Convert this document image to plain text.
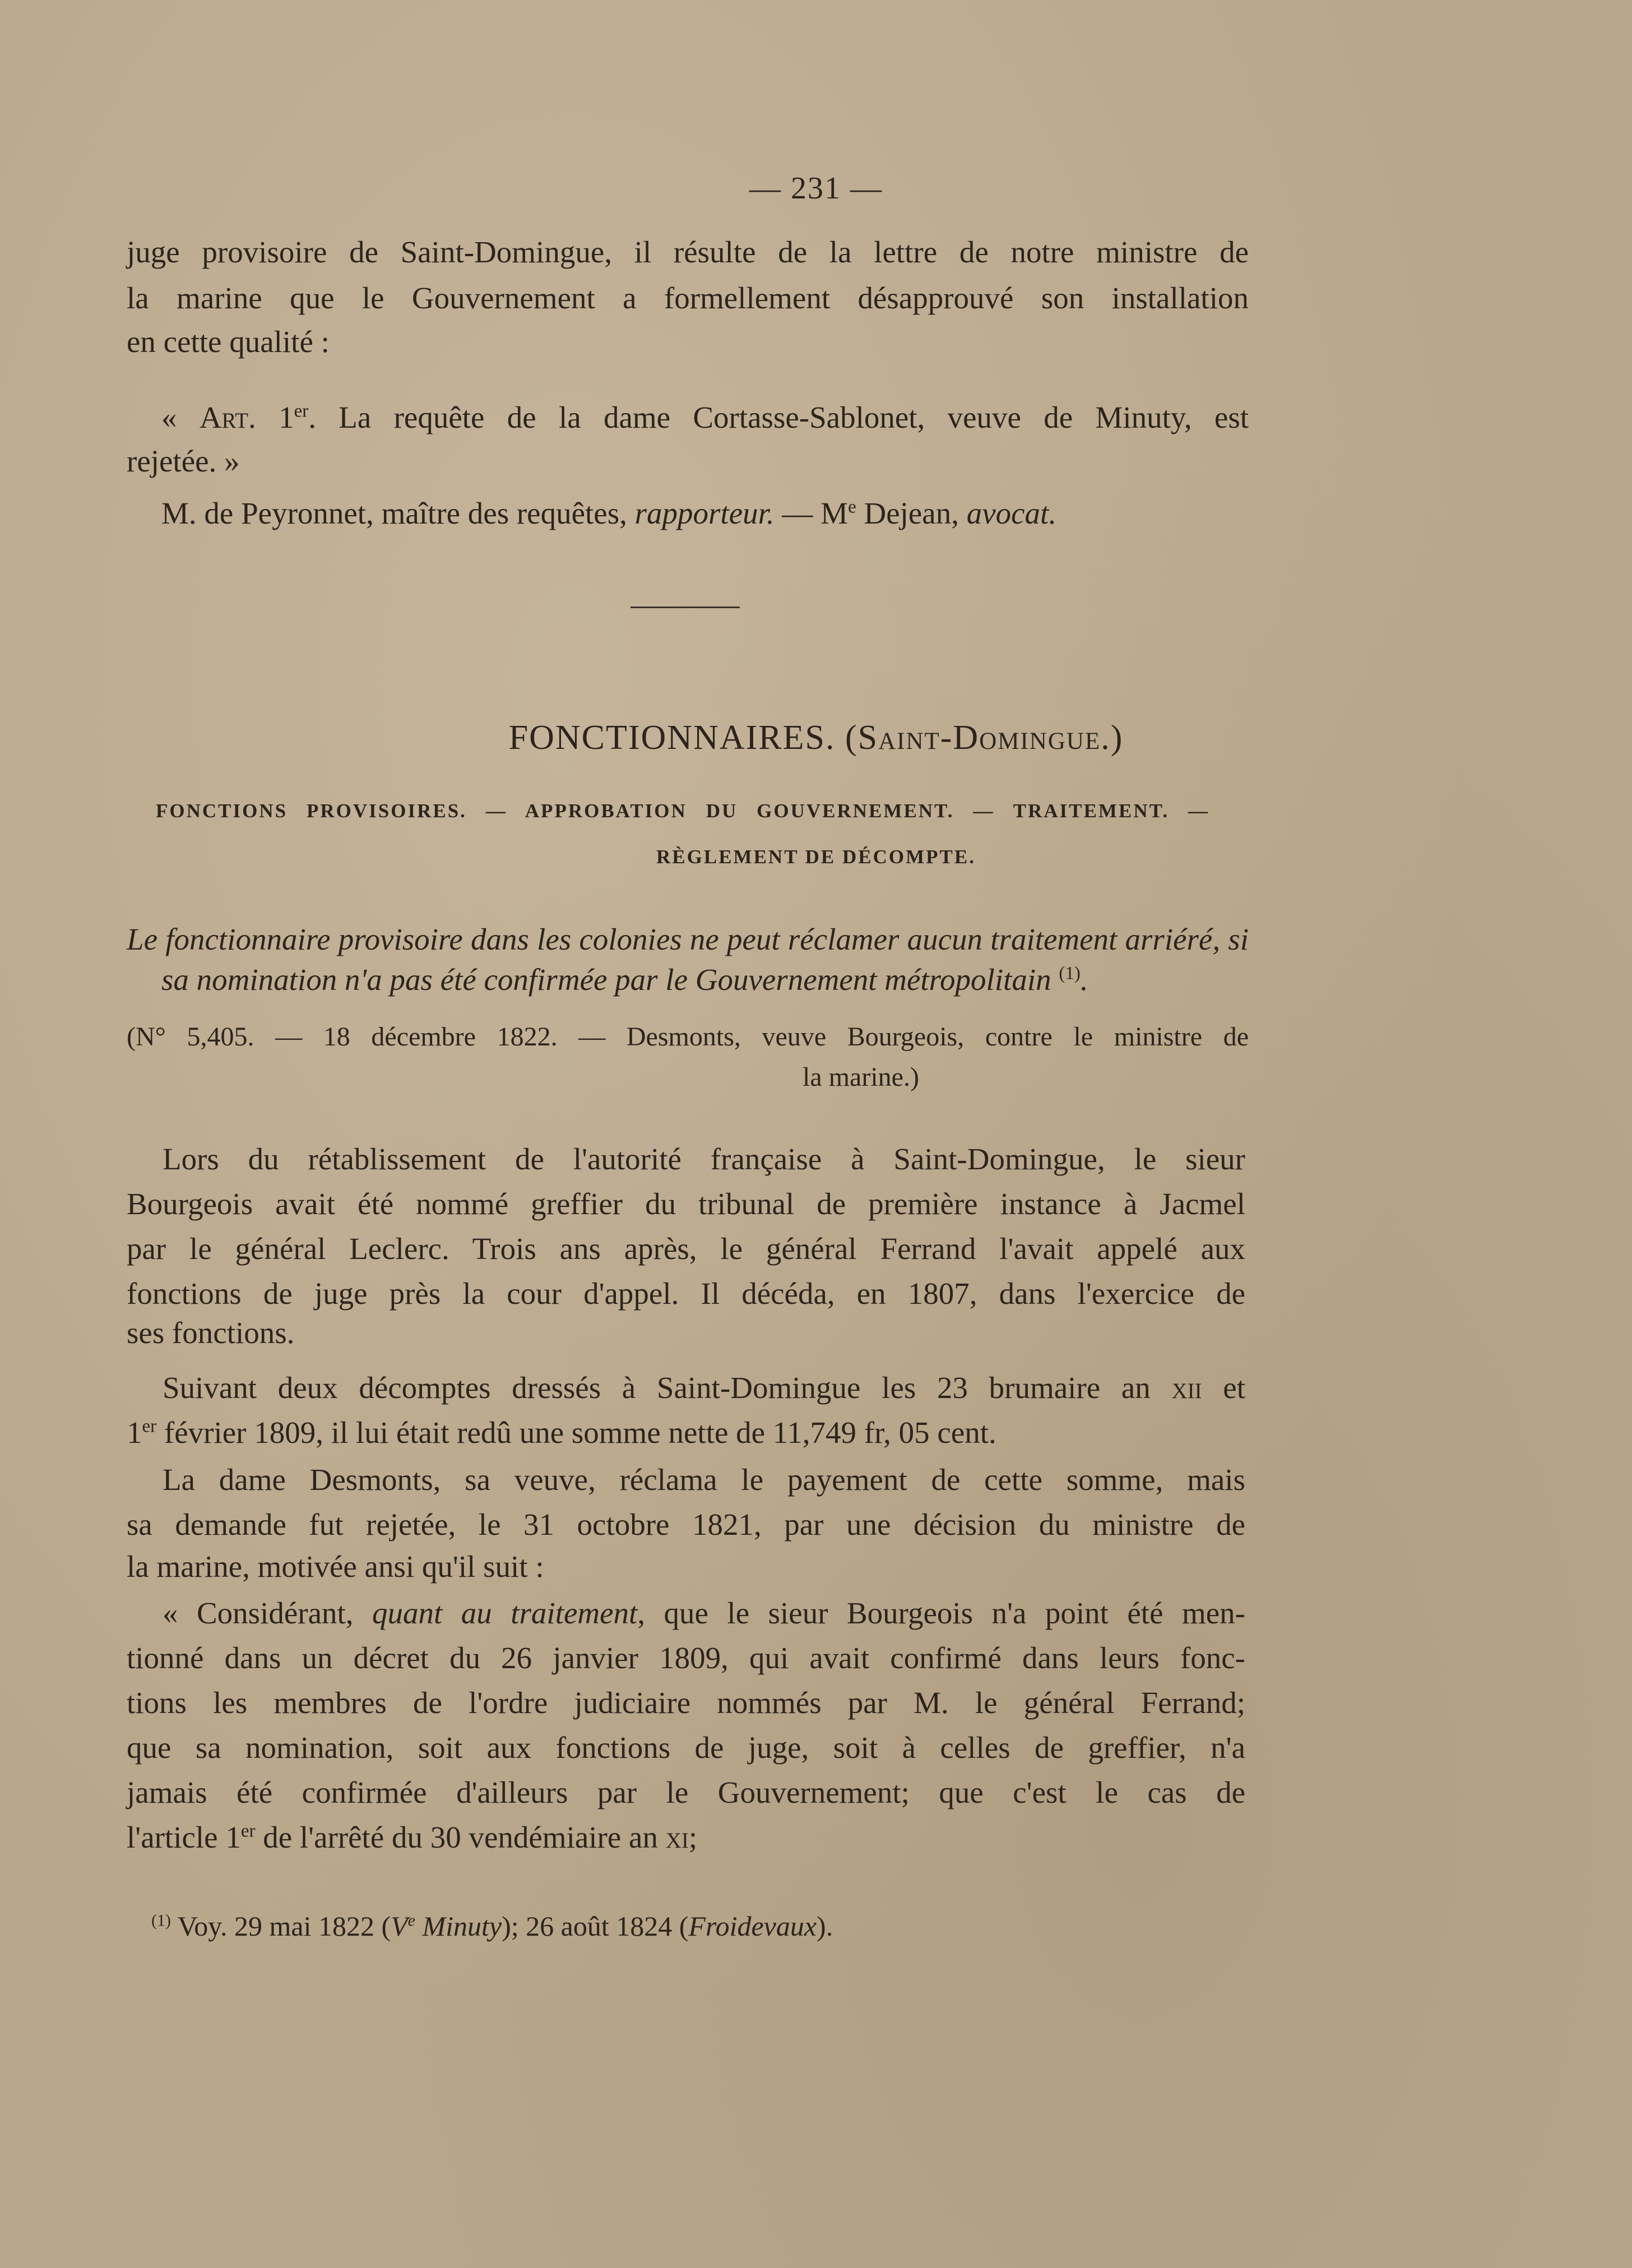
— 231 —
juge provisoire de Saint-Domingue, il résulte de la lettre de notre ministre de
la marine que le Gouvernement a formellement désapprouvé son installation
en cette qualité :
« Art. 1er. La requête de la dame Cortasse-Sablonet, veuve de Minuty, est
rejetée. »
M. de Peyronnet, maître des requêtes, rapporteur. — Me Dejean, avocat.
FONCTIONNAIRES. (Saint-Domingue.)
FONCTIONS PROVISOIRES. — APPROBATION DU GOUVERNEMENT. — TRAITEMENT. —
RÈGLEMENT DE DÉCOMPTE.
Le fonctionnaire provisoire dans les colonies ne peut réclamer aucun traitement arriéré, si
sa nomination n'a pas été confirmée par le Gouvernement métropolitain $^{(1)}$.
(N° 5,405. — 18 décembre 1822. — Desmonts, veuve Bourgeois, contre le ministre de
la marine.)
Lors du rétablissement de l'autorité française à Saint-Domingue, le sieur
Bourgeois avait été nommé greffier du tribunal de première instance à Jacmel
par le général Leclerc. Trois ans après, le général Ferrand l'avait appelé aux
fonctions de juge près la cour d'appel. Il décéda, en 1807, dans l'exercice de
ses fonctions.
Suivant deux décomptes dressés à Saint-Domingue les 23 brumaire an xii et
1er février 1809, il lui était redû une somme nette de 11,749 fr, 05 cent.
La dame Desmonts, sa veuve, réclama le payement de cette somme, mais
sa demande fut rejetée, le 31 octobre 1821, par une décision du ministre de
la marine, motivée ansi qu'il suit :
« Considérant, quant au traitement, que le sieur Bourgeois n'a point été men-
tionné dans un décret du 26 janvier 1809, qui avait confirmé dans leurs fonc-
tions les membres de l'ordre judiciaire nommés par M. le général Ferrand;
que sa nomination, soit aux fonctions de juge, soit à celles de greffier, n'a
jamais été confirmée d'ailleurs par le Gouvernement; que c'est le cas de
l'article 1er de l'arrêté du 30 vendémiaire an xi;
$^{(1)}$ Voy. 29 mai 1822 (Ve Minuty); 26 août 1824 (Froidevaux).
